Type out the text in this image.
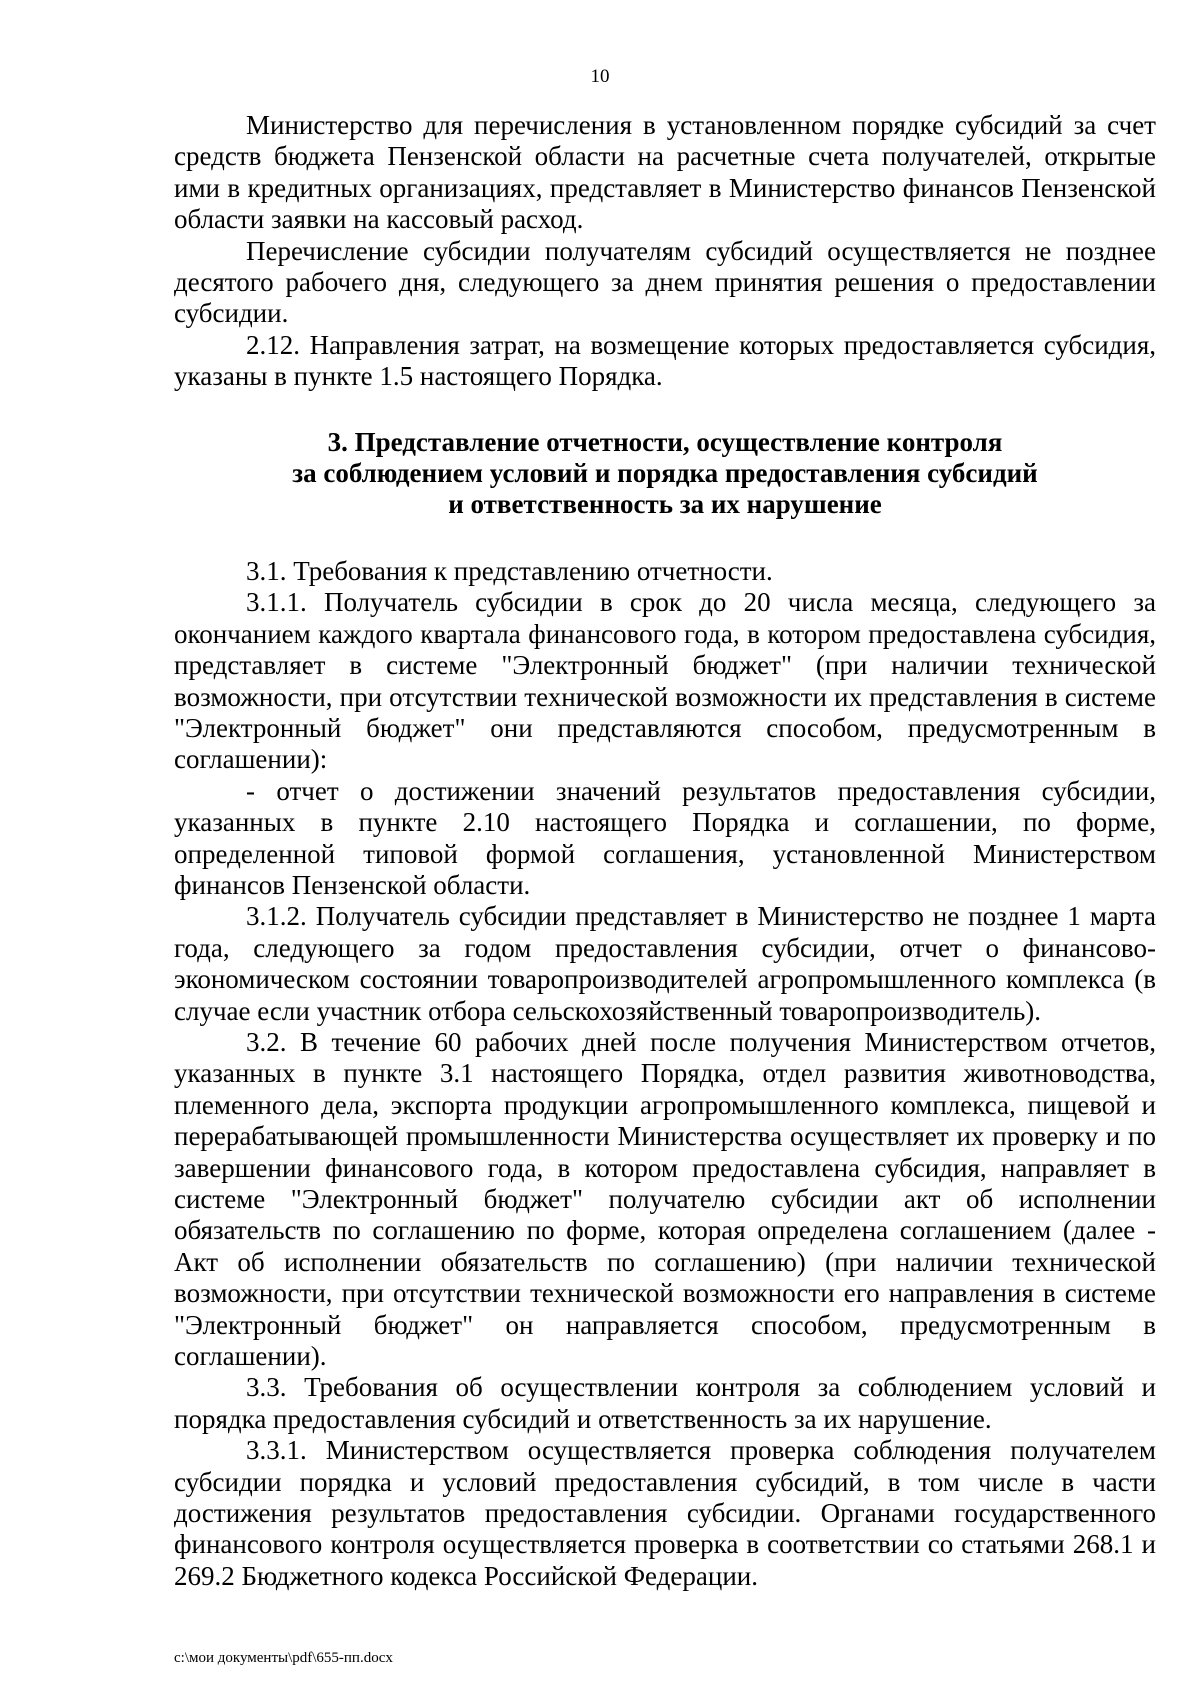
10

Министерство для перечисления в установленном порядке субсидий за счет средств бюджета Пензенской области на расчетные счета получателей, открытые ими в кредитных организациях, представляет в Министерство финансов Пензенской области заявки на кассовый расход.

Перечисление субсидии получателям субсидий осуществляется не позднее десятого рабочего дня, следующего за днем принятия решения о предоставлении субсидии.

2.12. Направления затрат, на возмещение которых предоставляется субсидия, указаны в пункте 1.5 настоящего Порядка.

3. Представление отчетности, осуществление контроля
за соблюдением условий и порядка предоставления субсидий
и ответственность за их нарушение

3.1. Требования к представлению отчетности.

3.1.1. Получатель субсидии в срок до 20 числа месяца, следующего за окончанием каждого квартала финансового года, в котором предоставлена субсидия, представляет в системе "Электронный бюджет" (при наличии технической возможности, при отсутствии технической возможности их представления в системе "Электронный бюджет" они представляются способом, предусмотренным в соглашении):

- отчет о достижении значений результатов предоставления субсидии, указанных в пункте 2.10 настоящего Порядка и соглашении, по форме, определенной типовой формой соглашения, установленной Министерством финансов Пензенской области.

3.1.2. Получатель субсидии представляет в Министерство не позднее 1 марта года, следующего за годом предоставления субсидии, отчет о финансово-экономическом состоянии товаропроизводителей агропромышленного комплекса (в случае если участник отбора сельскохозяйственный товаропроизводитель).

3.2. В течение 60 рабочих дней после получения Министерством отчетов, указанных в пункте 3.1 настоящего Порядка, отдел развития животноводства, племенного дела, экспорта продукции агропромышленного комплекса, пищевой и перерабатывающей промышленности Министерства осуществляет их проверку и по завершении финансового года, в котором предоставлена субсидия, направляет в системе "Электронный бюджет" получателю субсидии акт об исполнении обязательств по соглашению по форме, которая определена соглашением (далее - Акт об исполнении обязательств по соглашению) (при наличии технической возможности, при отсутствии технической возможности его направления в системе "Электронный бюджет" он направляется способом, предусмотренным в соглашении).

3.3. Требования об осуществлении контроля за соблюдением условий и порядка предоставления субсидий и ответственность за их нарушение.

3.3.1. Министерством осуществляется проверка соблюдения получателем субсидии порядка и условий предоставления субсидий, в том числе в части достижения результатов предоставления субсидии. Органами государственного финансового контроля осуществляется проверка в соответствии со статьями 268.1 и 269.2 Бюджетного кодекса Российской Федерации.

c:\мои документы\pdf\655-пп.docx
